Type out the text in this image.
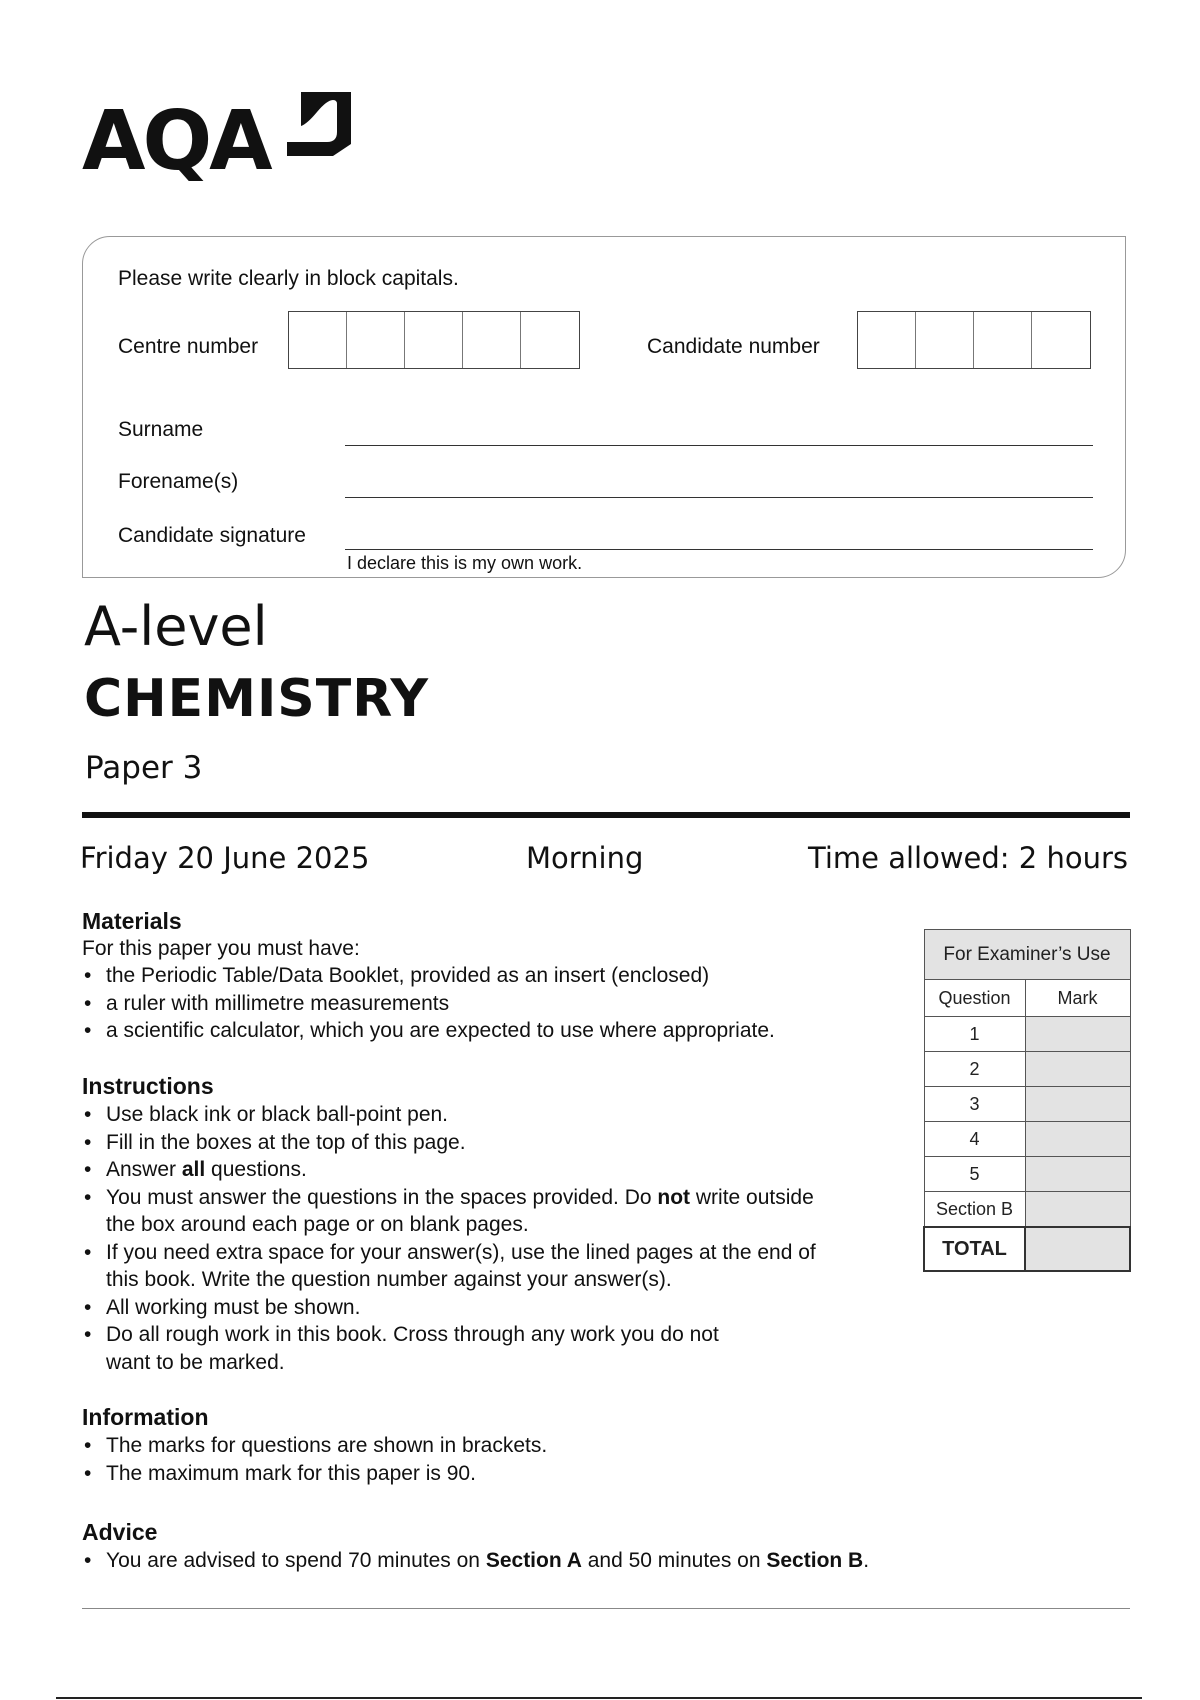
AQA
Please write clearly in block capitals.
Centre number	Candidate number
Surname
Forename(s)
Candidate signature
I declare this is my own work.
A-level
CHEMISTRY
Paper 3
Friday 20 June 2025	Morning	Time allowed: 2 hours
Materials
For this paper you must have:
• the Periodic Table/Data Booklet, provided as an insert (enclosed)
• a ruler with millimetre measurements
• a scientific calculator, which you are expected to use where appropriate.
Instructions
• Use black ink or black ball-point pen.
• Fill in the boxes at the top of this page.
• Answer all questions.
• You must answer the questions in the spaces provided. Do not write outside
the box around each page or on blank pages.
• If you need extra space for your answer(s), use the lined pages at the end of
this book. Write the question number against your answer(s).
• All working must be shown.
• Do all rough work in this book. Cross through any work you do not
want to be marked.
Information
• The marks for questions are shown in brackets.
• The maximum mark for this paper is 90.
Advice
• You are advised to spend 70 minutes on Section A and 50 minutes on Section B.
For Examiner’s Use	
Question	Mark
1	
2	
3	
4	
5	
Section B	
TOTAL	
